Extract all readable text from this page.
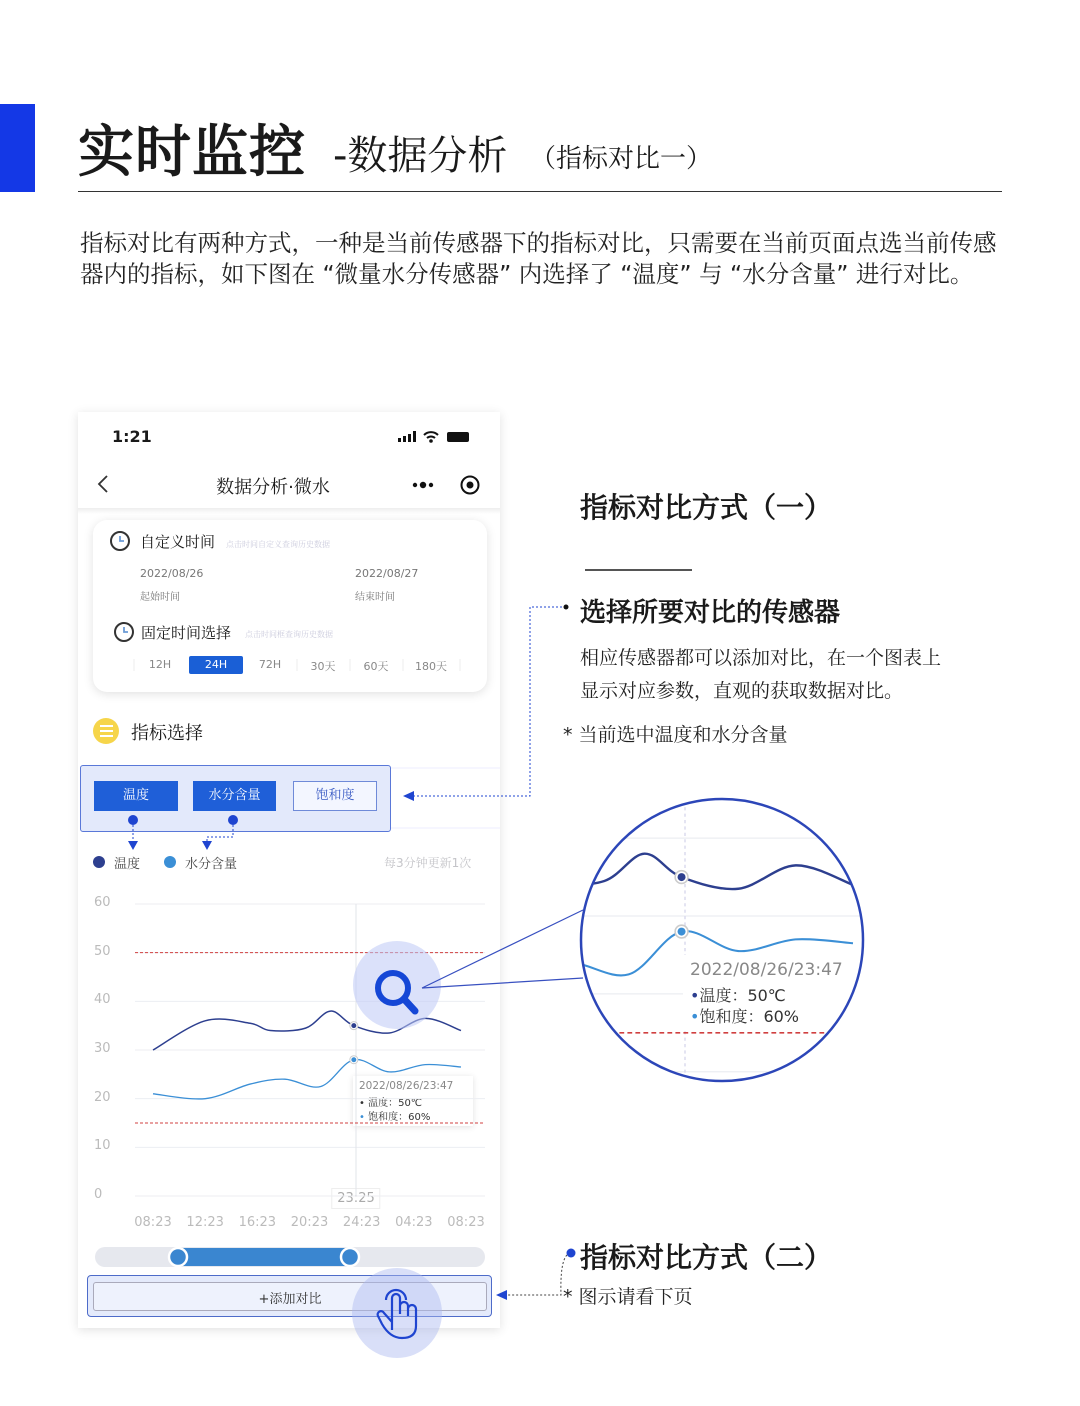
实时监控 -数据分析 （指标对比一）
指标对比有两种方式，一种是当前传感器下的指标对比，只需要在当前页面点选当前传感器内的指标，如下图在 “微量水分传感器” 内选择了 “温度” 与 “水分含量” 进行对比。
1:21
数据分析·微水
自定义时间 点击时间自定义查询历史数据
2022/08/26
起始时间
2022/08/27
结束时间
固定时间选择 点击时间框查询历史数据
12H	24H	72H	30天	60天 180天
指标选择
温度	水分含量	饱和度
温度	水分含量	每3分钟更新1次
0
10
20
30
40
50
60
08:23 12:23 16:23 20:23 24:23 04:23 08:23
23:25
2022/08/26/23:47
• 温度：50℃
• 饱和度：60%
+添加对比
指标对比方式（一）
选择所要对比的传感器
相应传感器都可以添加对比，在一个图表上
显示对应参数，直观的获取数据对比。
* 当前选中温度和水分含量
指标对比方式（二）
* 图示请看下页
2022/08/26/23:47
•温度：50℃
•饱和度：60%
